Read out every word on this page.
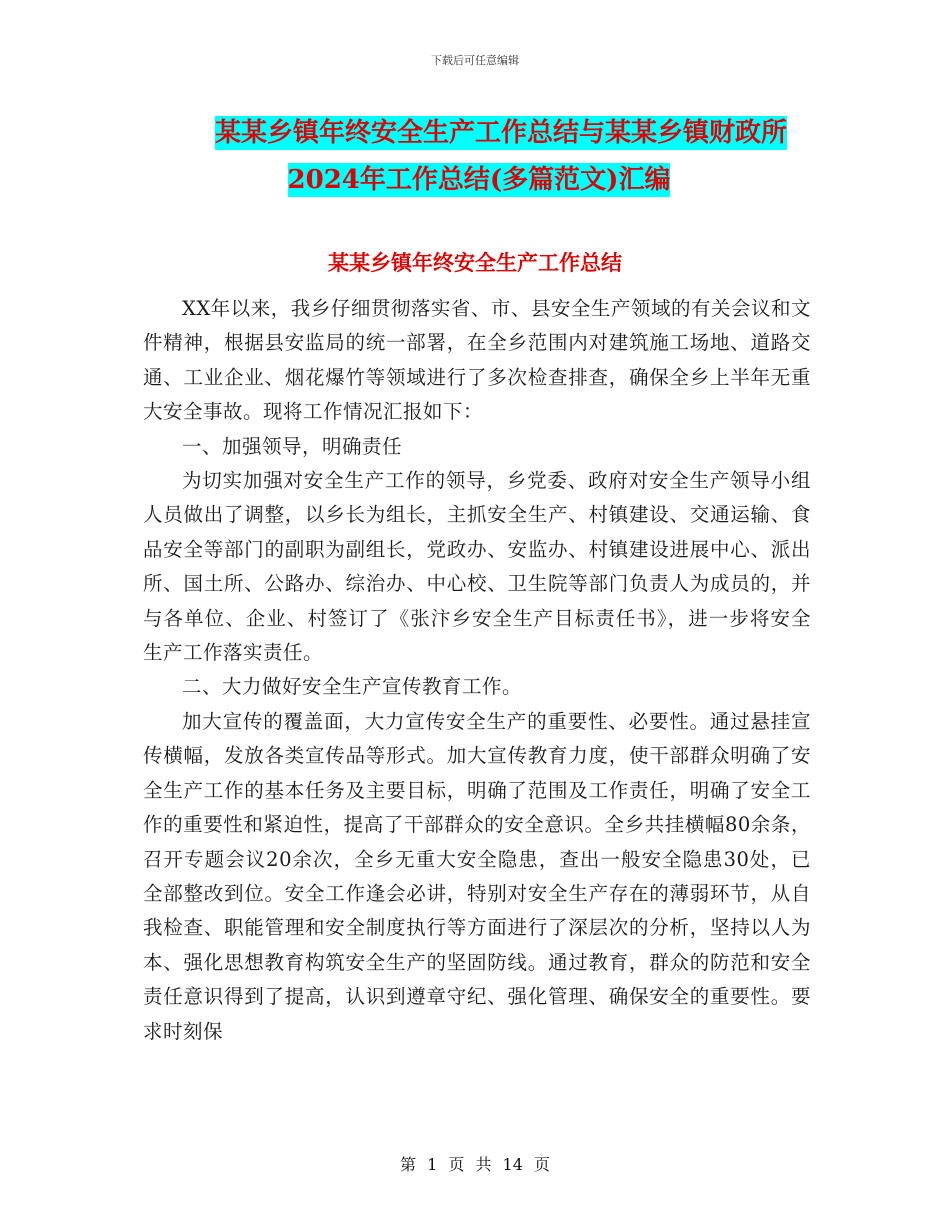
下载后可任意编辑
某某乡镇年终安全生产工作总结与某某乡镇财政所
2024年工作总结(多篇范文)汇编
某某乡镇年终安全生产工作总结

XX年以来，我乡仔细贯彻落实省、市、县安全生产领域的有关会议和文件精神，根据县安监局的统一部署，在全乡范围内对建筑施工场地、道路交通、工业企业、烟花爆竹等领域进行了多次检查排查，确保全乡上半年无重大安全事故。现将工作情况汇报如下：

一、加强领导，明确责任

为切实加强对安全生产工作的领导，乡党委、政府对安全生产领导小组人员做出了调整，以乡长为组长，主抓安全生产、村镇建设、交通运输、食品安全等部门的副职为副组长，党政办、安监办、村镇建设进展中心、派出所、国土所、公路办、综治办、中心校、卫生院等部门负责人为成员的，并与各单位、企业、村签订了《张汴乡安全生产目标责任书》，进一步将安全生产工作落实责任。

二、大力做好安全生产宣传教育工作。

加大宣传的覆盖面，大力宣传安全生产的重要性、必要性。通过悬挂宣传横幅，发放各类宣传品等形式。加大宣传教育力度，使干部群众明确了安全生产工作的基本任务及主要目标，明确了范围及工作责任，明确了安全工作的重要性和紧迫性，提高了干部群众的安全意识。全乡共挂横幅80余条，召开专题会议20余次，全乡无重大安全隐患，查出一般安全隐患30处，已全部整改到位。安全工作逢会必讲，特别对安全生产存在的薄弱环节，从自我检查、职能管理和安全制度执行等方面进行了深层次的分析，坚持以人为本、强化思想教育构筑安全生产的坚固防线。通过教育，群众的防范和安全责任意识得到了提高，认识到遵章守纪、强化管理、确保安全的重要性。要求时刻保

第 1 页 共 14 页
